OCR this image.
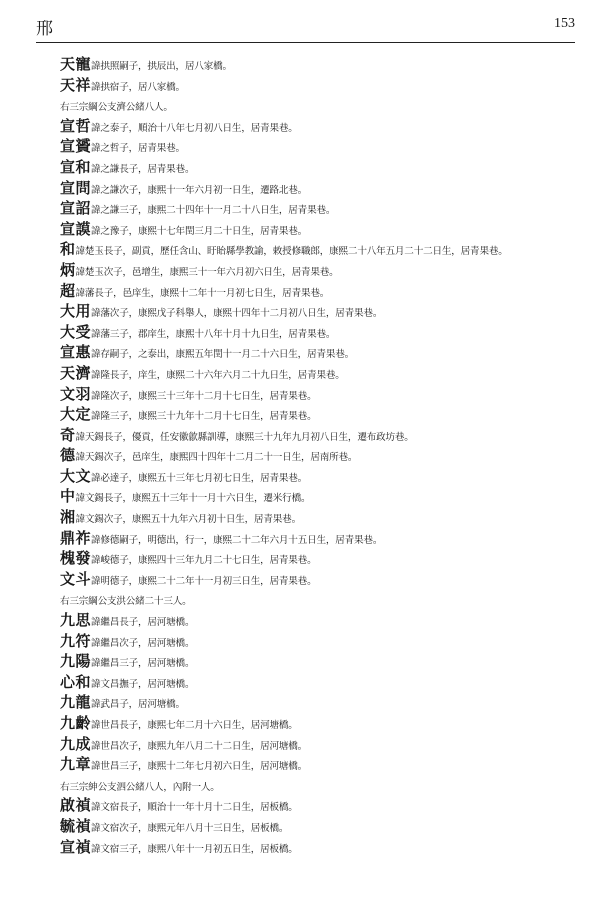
邢	153
天寵諱拱照嗣子，拱辰出，居八家橋。
天祥諱拱宿子，居八家橋。
右三宗綱公支濟公緒八人。
宣哲諱之泰子，順治十八年七月初八日生，居青果巷。
宣贇諱之哲子，居青果巷。
宣和諱之謙長子，居青果巷。
宣問諱之謙次子，康熙十一年六月初一日生，遷路北巷。
宣詔諱之謙三子，康熙二十四年十一月二十八日生，居青果巷。
宣謨諱之豫子，康熙十七年閏三月二十日生，居青果巷。
和諱楚玉長子，副貢，歷任含山、盱眙縣學教諭，敕授修職郎，康熙二十八年五月二十二日生，居青果巷。
炳諱楚玉次子，邑增生，康熙三十一年六月初六日生，居青果巷。
超諱藩長子，邑庠生，康熙十二年十一月初七日生，居青果巷。
大用諱藩次子，康熙戊子科舉人，康熙十四年十二月初八日生，居青果巷。
大受諱藩三子，郡庠生，康熙十八年十月十九日生，居青果巷。
宣惠諱存嗣子，之泰出，康熙五年閏十一月二十六日生，居青果巷。
天濟諱隆長子，庠生，康熙二十六年六月二十九日生，居青果巷。
文羽諱隆次子，康熙三十三年十二月十七日生，居青果巷。
大定諱隆三子，康熙三十九年十二月十七日生，居青果巷。
奇諱天錫長子，優貢，任安徽歙縣訓導，康熙三十九年九月初八日生，遷布政坊巷。
德諱天錫次子，邑庠生，康熙四十四年十二月二十一日生，居南所巷。
大文諱必達子，康熙五十三年七月初七日生，居青果巷。
中諱文錫長子，康熙五十三年十一月十六日生，遷米行橋。
湘諱文錫次子，康熙五十九年六月初十日生，居青果巷。
鼎祚諱修德嗣子，明德出，行一，康熙二十二年六月十五日生，居青果巷。
槐發諱峻德子，康熙四十三年九月二十七日生，居青果巷。
文斗諱明德子，康熙二十二年十一月初三日生，居青果巷。
右三宗綱公支洪公緒二十三人。
九思諱繼昌長子，居河塘橋。
九符諱繼昌次子，居河塘橋。
九陽諱繼昌三子，居河塘橋。
心和諱文昌撫子，居河塘橋。
九龍諱武昌子，居河塘橋。
九齡諱世昌長子，康熙七年二月十六日生，居河塘橋。
九成諱世昌次子，康熙九年八月二十二日生，居河塘橋。
九章諱世昌三子，康熙十二年七月初六日生，居河塘橋。
右三宗紳公支泗公緒八人，內附一人。
啟禎諱文宿長子，順治十一年十月十二日生，居板橋。
毓禎諱文宿次子，康熙元年八月十三日生，居板橋。
宣禎諱文宿三子，康熙八年十一月初五日生，居板橋。
